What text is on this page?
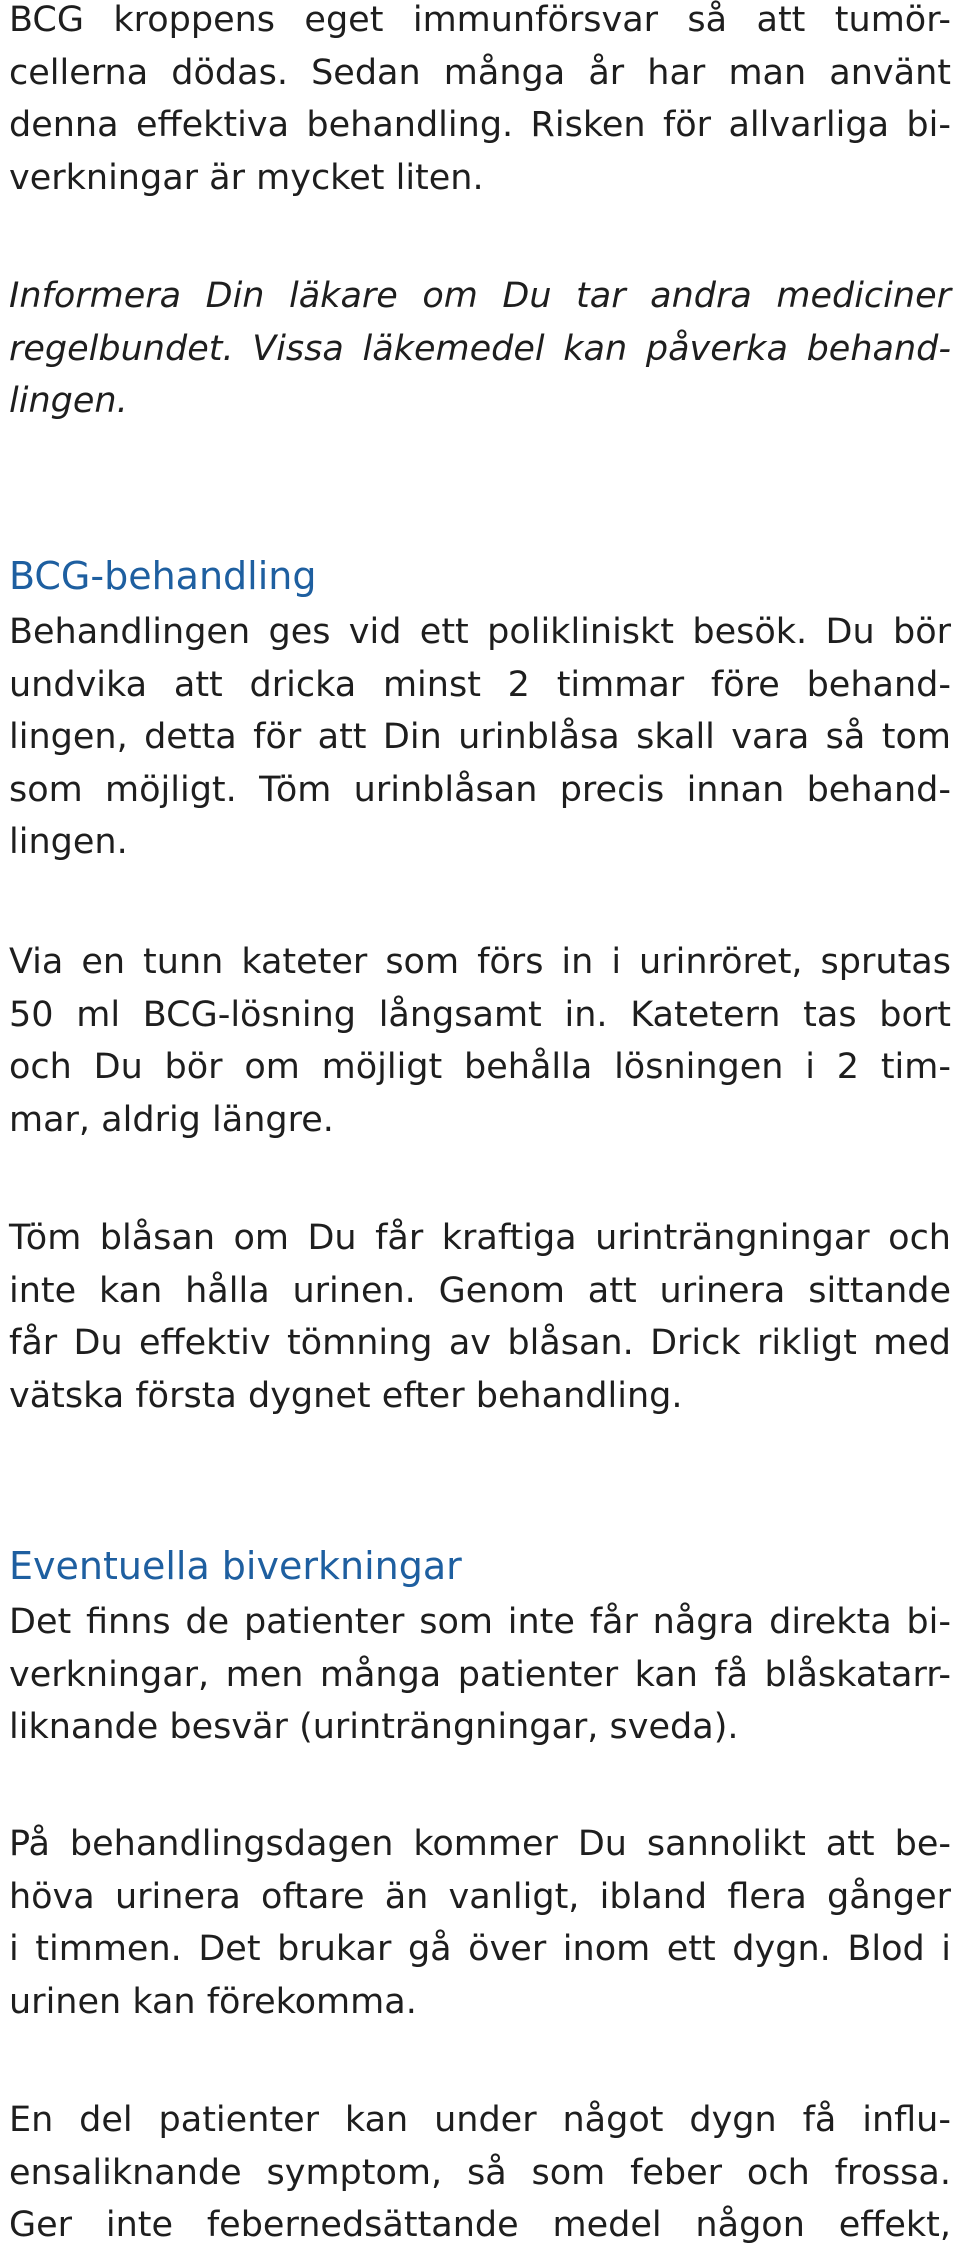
BCG kroppens eget immunförsvar så att tumör-
cellerna dödas. Sedan många år har man använt
denna effektiva behandling. Risken för allvarliga bi-
verkningar är mycket liten.

Informera Din läkare om Du tar andra mediciner
regelbundet. Vissa läkemedel kan påverka behand-
lingen.

BCG-behandling

Behandlingen ges vid ett polikliniskt besök. Du bör
undvika att dricka minst 2 timmar före behand-
lingen, detta för att Din urinblåsa skall vara så tom
som möjligt. Töm urinblåsan precis innan behand-
lingen.

Via en tunn kateter som förs in i urinröret, sprutas
50 ml BCG-lösning långsamt in. Katetern tas bort
och Du bör om möjligt behålla lösningen i 2 tim-
mar, aldrig längre.

Töm blåsan om Du får kraftiga urinträngningar och
inte kan hålla urinen. Genom att urinera sittande
får Du effektiv tömning av blåsan. Drick rikligt med
vätska första dygnet efter behandling.

Eventuella biverkningar

Det finns de patienter som inte får några direkta bi-
verkningar, men många patienter kan få blåskatarr-
liknande besvär (urinträngningar, sveda).

På behandlingsdagen kommer Du sannolikt att be-
höva urinera oftare än vanligt, ibland flera gånger
i timmen. Det brukar gå över inom ett dygn. Blod i
urinen kan förekomma.

En del patienter kan under något dygn få influ-
ensaliknande symptom, så som feber och frossa.
Ger inte febernedsättande medel någon effekt,
